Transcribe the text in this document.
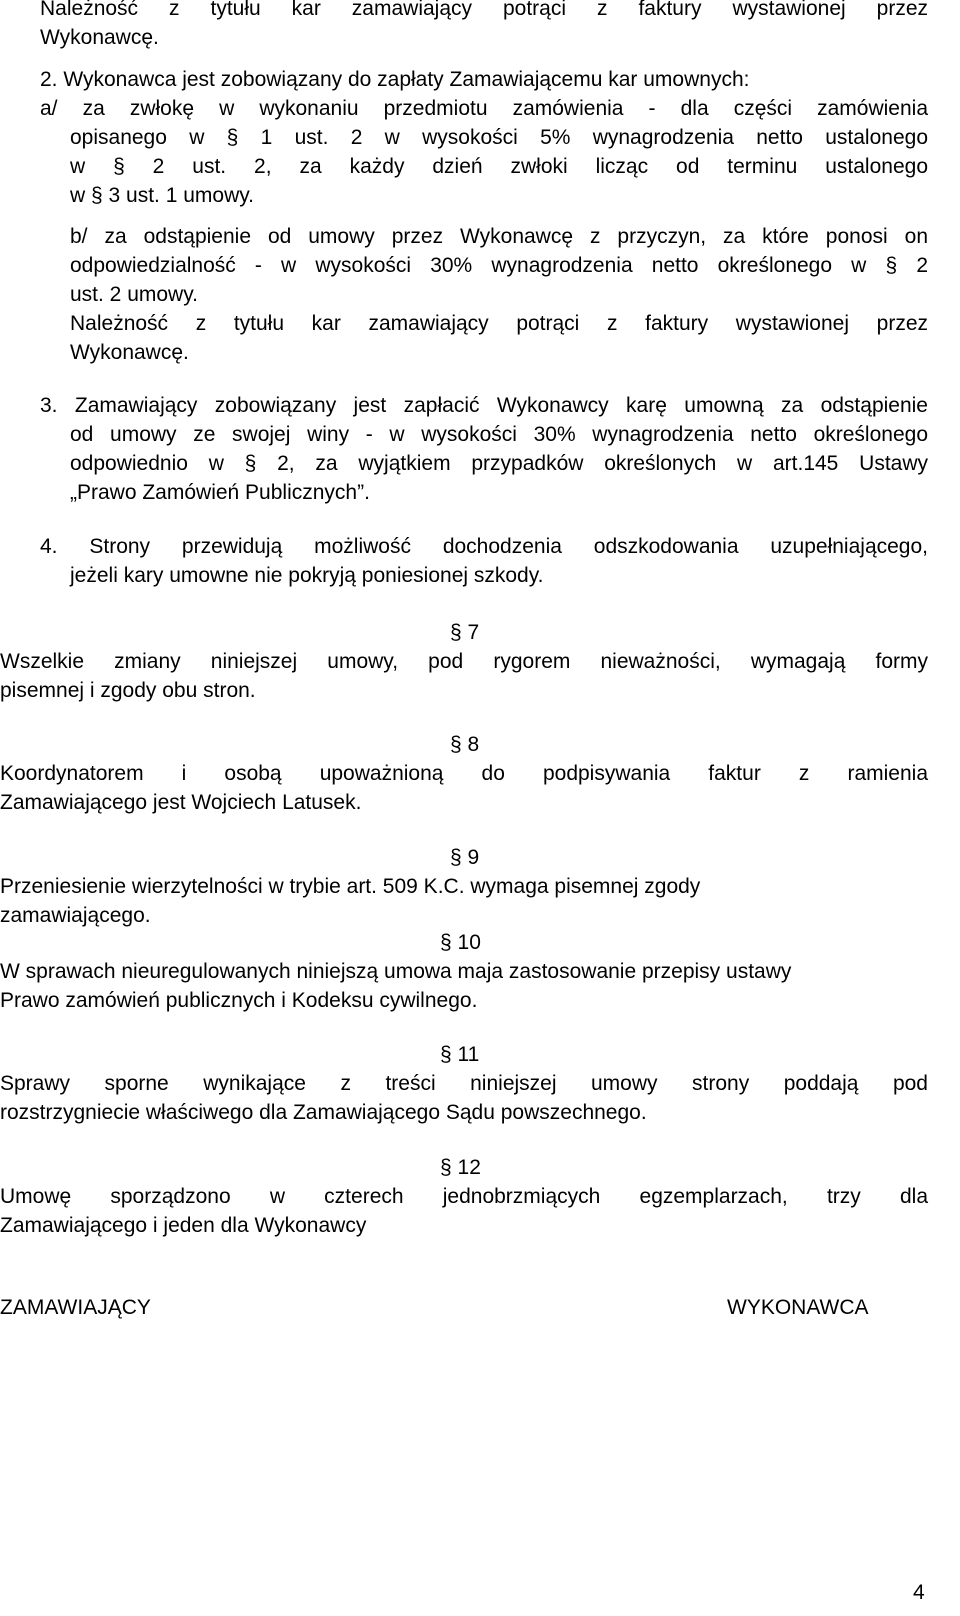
Należność z tytułu kar zamawiający potrąci z faktury wystawionej przez
Wykonawcę.
2. Wykonawca jest zobowiązany do zapłaty Zamawiającemu kar umownych:
a/ za zwłokę w wykonaniu przedmiotu zamówienia - dla części zamówienia
opisanego w § 1 ust. 2 w wysokości 5% wynagrodzenia netto ustalonego
w § 2 ust. 2, za każdy dzień zwłoki licząc od terminu ustalonego
w § 3 ust. 1 umowy.
b/ za odstąpienie od umowy przez Wykonawcę z przyczyn, za które ponosi on
odpowiedzialność - w wysokości 30% wynagrodzenia netto określonego w § 2
ust. 2 umowy.
Należność z tytułu kar zamawiający potrąci z faktury wystawionej przez
Wykonawcę.
3. Zamawiający zobowiązany jest zapłacić Wykonawcy karę umowną za odstąpienie
od umowy ze swojej winy - w wysokości 30% wynagrodzenia netto określonego
odpowiednio w § 2, za wyjątkiem przypadków określonych w art.145 Ustawy
„Prawo Zamówień Publicznych”.
4. Strony przewidują możliwość dochodzenia odszkodowania uzupełniającego,
jeżeli kary umowne nie pokryją poniesionej szkody.
§ 7
Wszelkie zmiany niniejszej umowy, pod rygorem nieważności, wymagają formy
pisemnej i zgody obu stron.
§ 8
Koordynatorem i osobą upoważnioną do podpisywania faktur z ramienia
Zamawiającego jest Wojciech Latusek.
§ 9
Przeniesienie wierzytelności w trybie art. 509 K.C. wymaga pisemnej zgody
zamawiającego.
§ 10
W sprawach nieuregulowanych niniejszą umowa maja zastosowanie przepisy ustawy
Prawo zamówień publicznych i Kodeksu cywilnego.
§ 11
Sprawy sporne wynikające z treści niniejszej umowy strony poddają pod
rozstrzygniecie właściwego dla Zamawiającego Sądu powszechnego.
§ 12
Umowę sporządzono w czterech jednobrzmiących egzemplarzach, trzy dla
Zamawiającego i jeden dla Wykonawcy
ZAMAWIAJĄCY	WYKONAWCA
4
